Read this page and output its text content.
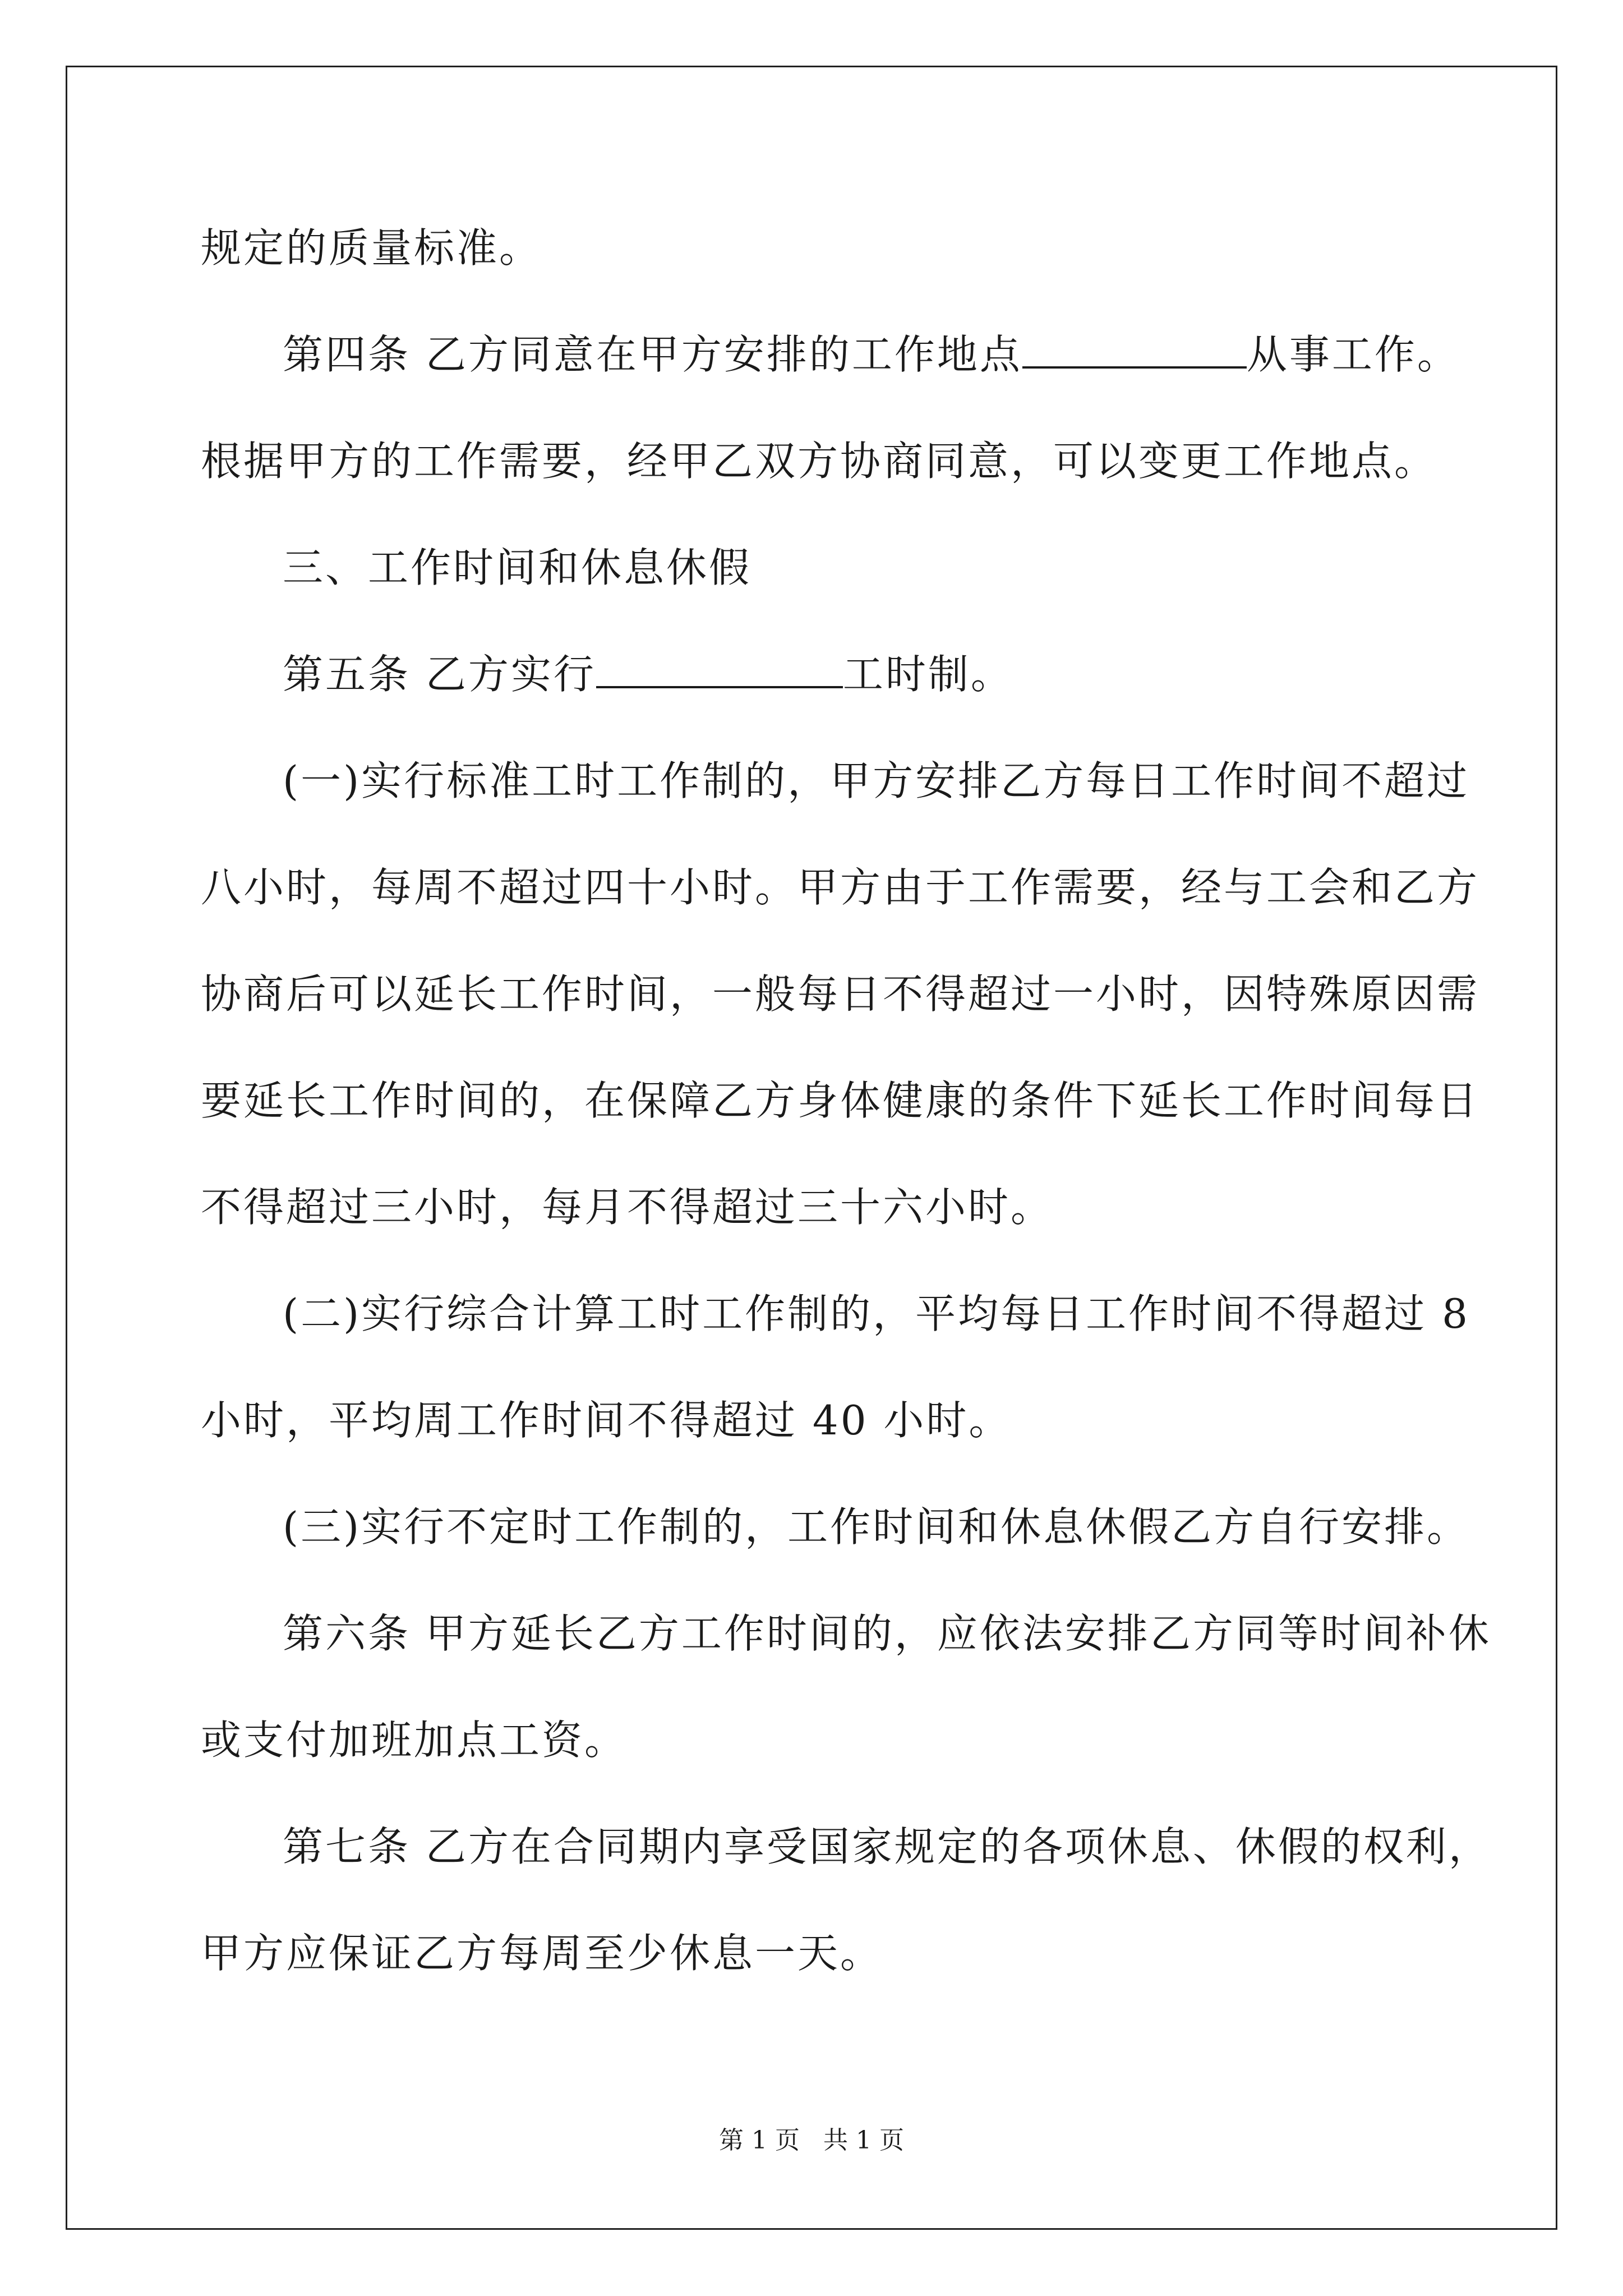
规定的质量标准。
第四条 乙方同意在甲方安排的工作地点	从事工作。
根据甲方的工作需要，经甲乙双方协商同意，可以变更工作地点。
三、工作时间和休息休假
第五条 乙方实行	工时制。
(一)实行标准工时工作制的，甲方安排乙方每日工作时间不超过
八小时，每周不超过四十小时。甲方由于工作需要，经与工会和乙方
协商后可以延长工作时间，一般每日不得超过一小时，因特殊原因需
要延长工作时间的，在保障乙方身体健康的条件下延长工作时间每日
不得超过三小时，每月不得超过三十六小时。
(二)实行综合计算工时工作制的，平均每日工作时间不得超过 8
小时，平均周工作时间不得超过 40 小时。
(三)实行不定时工作制的，工作时间和休息休假乙方自行安排。
第六条 甲方延长乙方工作时间的，应依法安排乙方同等时间补休
或支付加班加点工资。
第七条 乙方在合同期内享受国家规定的各项休息、休假的权利，
甲方应保证乙方每周至少休息一天。
第 1 页   共 1 页
